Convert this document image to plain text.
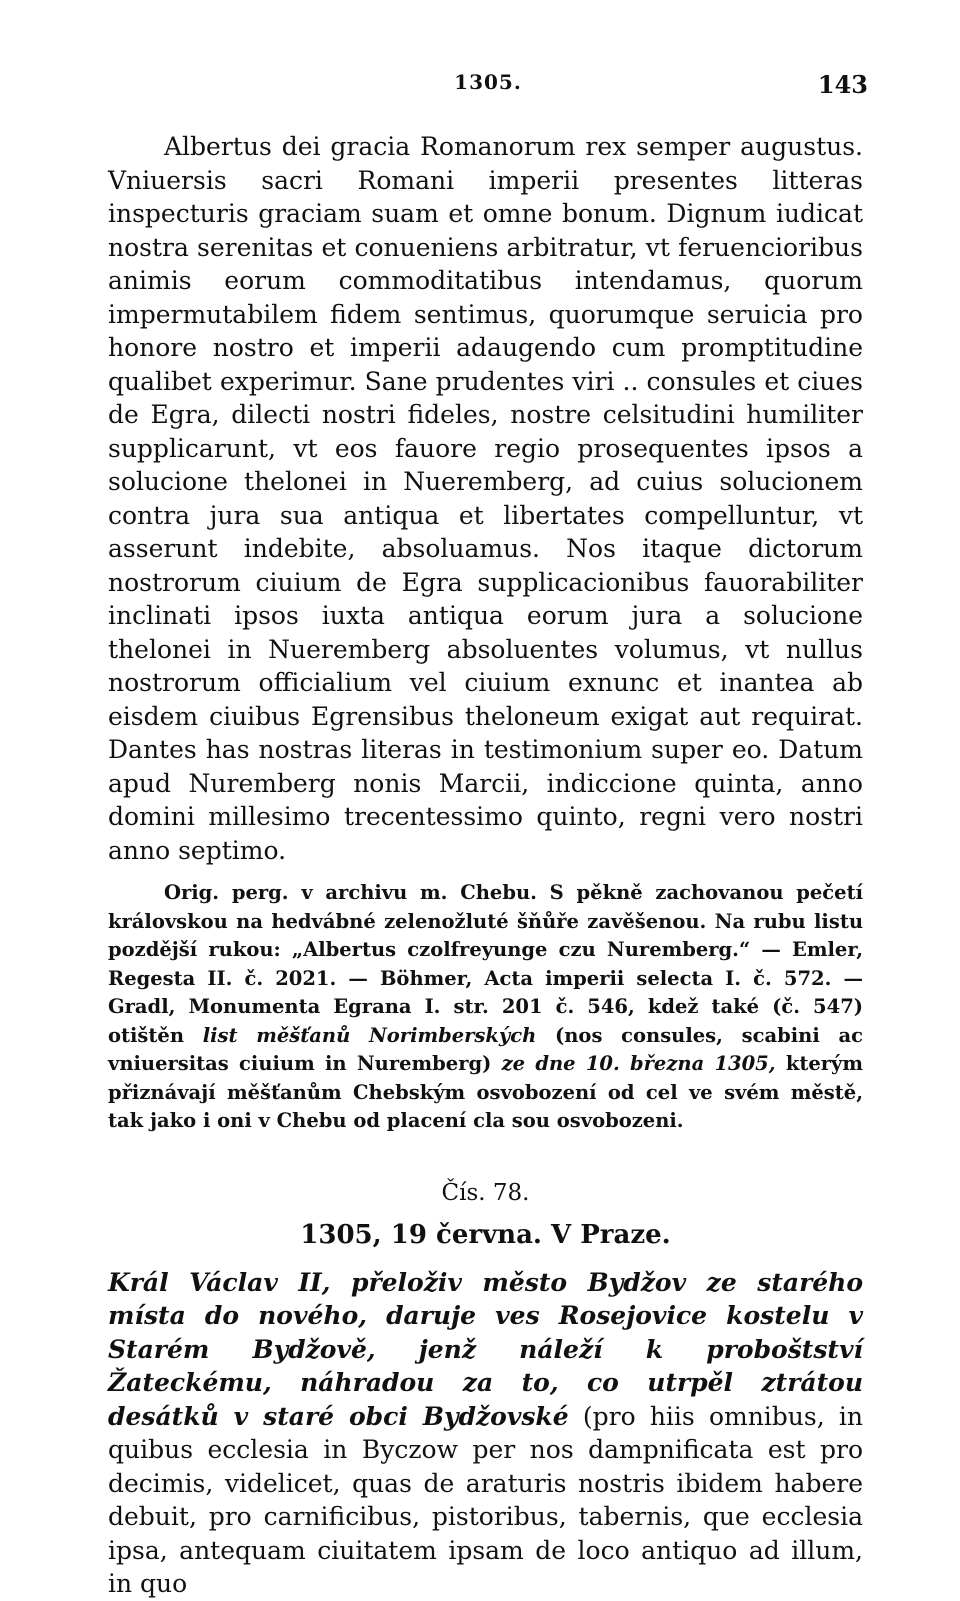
1305.	143

Albertus dei gracia Romanorum rex semper augustus. Vniuersis sacri Romani imperii presentes litteras inspecturis graciam suam et omne bonum. Dignum iudicat nostra serenitas et conueniens arbitratur, vt feruencioribus animis eorum commoditatibus intendamus, quorum impermutabilem fidem sentimus, quorumque seruicia pro honore nostro et imperii adaugendo cum promptitudine qualibet experimur. Sane prudentes viri .. consules et ciues de Egra, dilecti nostri fideles, nostre celsitudini humiliter supplicarunt, vt eos fauore regio prosequentes ipsos a solucione thelonei in Nueremberg, ad cuius solucionem contra jura sua antiqua et libertates compelluntur, vt asserunt indebite, absoluamus. Nos itaque dictorum nostrorum ciuium de Egra supplicacionibus fauorabiliter inclinati ipsos iuxta antiqua eorum jura a solucione thelonei in Nueremberg absoluentes volumus, vt nullus nostrorum officialium vel ciuium exnunc et inantea ab eisdem ciuibus Egrensibus theloneum exigat aut requirat. Dantes has nostras literas in testimonium super eo. Datum apud Nuremberg nonis Marcii, indiccione quinta, anno domini millesimo trecentessimo quinto, regni vero nostri anno septimo.

Orig. perg. v archivu m. Chebu. S pěkně zachovanou pečetí královskou na hedvábné zelenožluté šňůře zavěšenou. Na rubu listu pozdější rukou: „Albertus czolfreyunge czu Nuremberg.“ — Emler, Regesta II. č. 2021. — Böhmer, Acta imperii selecta I. č. 572. — Gradl, Monumenta Egrana I. str. 201 č. 546, kdež také (č. 547) otištěn list měšťanů Norimberských (nos consules, scabini ac vniuersitas ciuium in Nuremberg) ze dne 10. března 1305, kterým přiznávají měšťanům Chebským osvobození od cel ve svém městě, tak jako i oni v Chebu od placení cla sou osvobozeni.

Čís. 78.
1305, 19 června. V Praze.

Král Václav II, přeloživ město Bydžov ze starého místa do nového, daruje ves Rosejovice kostelu v Starém Bydžově, jenž náleží k proboštství Žateckému, náhradou za to, co utrpěl ztrátou desátků v staré obci Bydžovské (pro hiis omnibus, in quibus ecclesia in Byczow per nos dampnificata est pro decimis, videlicet, quas de araturis nostris ibidem habere debuit, pro carnificibus, pistoribus, tabernis, que ecclesia ipsa, antequam ciuitatem ipsam de loco antiquo ad illum, in quo
